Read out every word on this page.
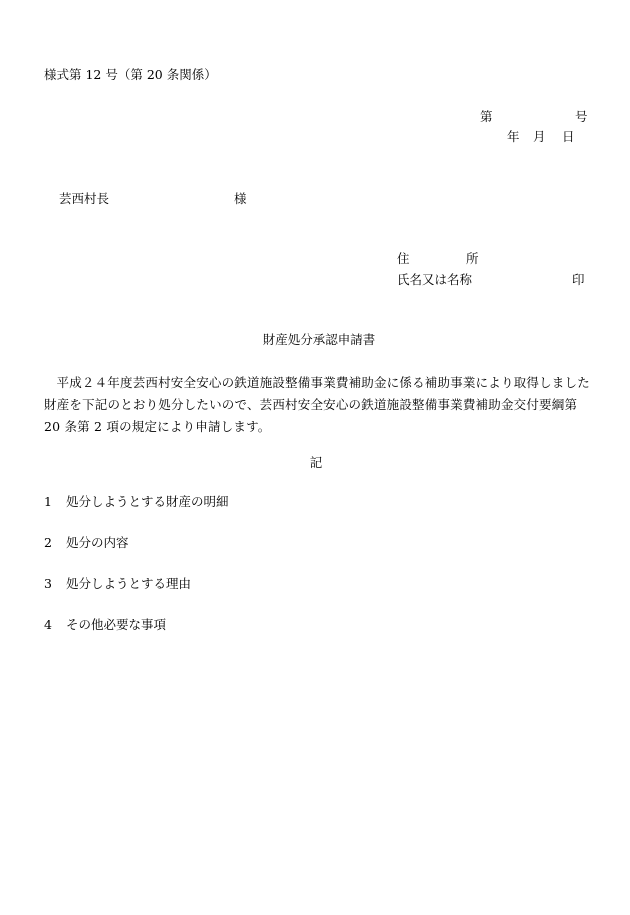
様式第 12 号（第 20 条関係）
第	号
年 月 日
芸西村長	様
住	所
氏名又は名称	印
財産処分承認申請書
平成２４年度芸西村安全安心の鉄道施設整備事業費補助金に係る補助事業により取得しました財産を下記のとおり処分したいので、芸西村安全安心の鉄道施設整備事業費補助金交付要綱第 20 条第 2 項の規定により申請します。
記
1 処分しようとする財産の明細
2 処分の内容
3 処分しようとする理由
4 その他必要な事項
